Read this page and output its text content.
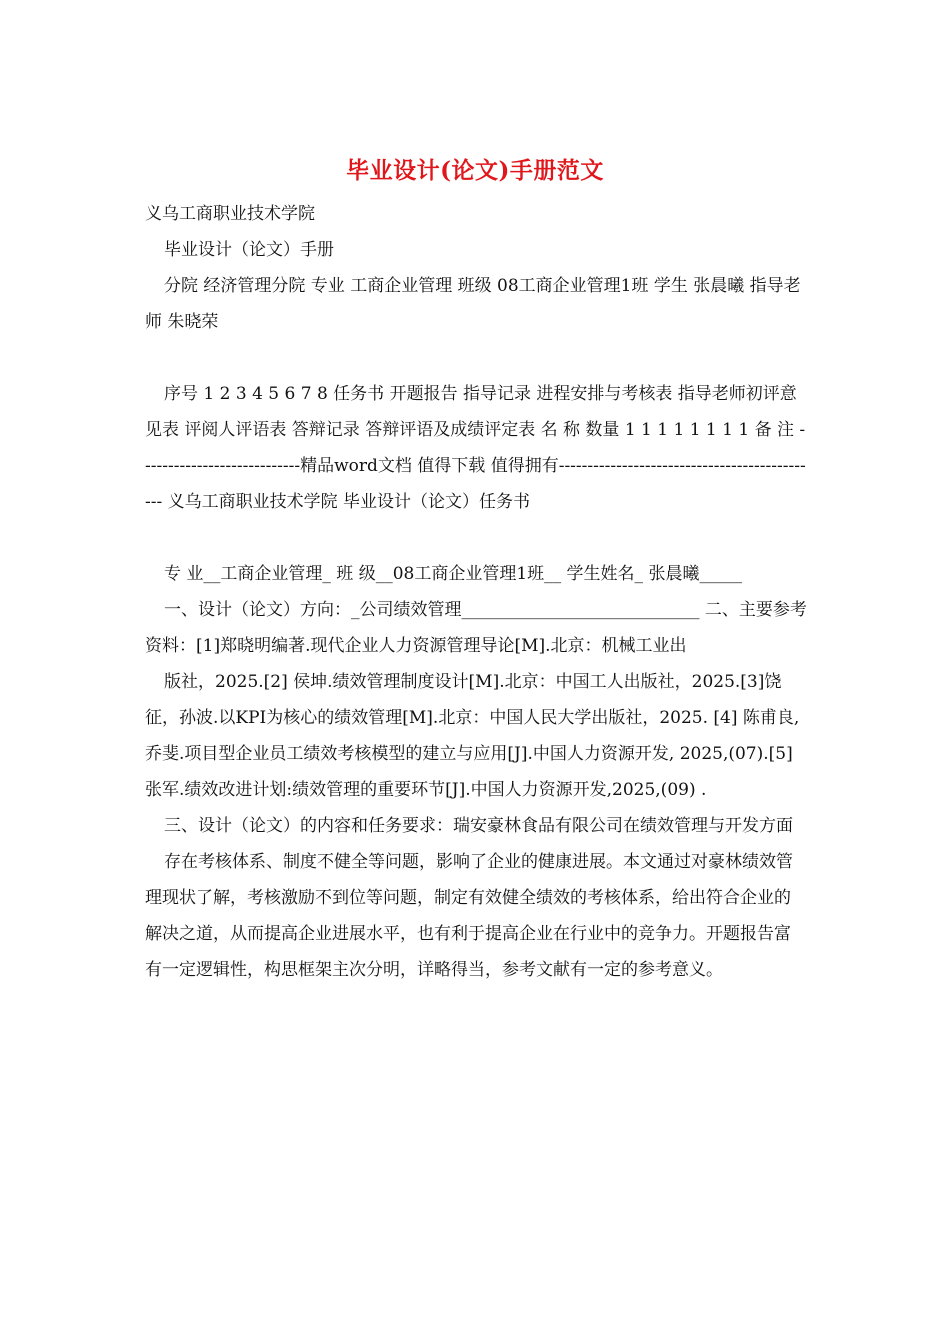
毕业设计(论文)手册范文

义乌工商职业技术学院

毕业设计（论文）手册

分院 经济管理分院 专业 工商企业管理 班级 08工商企业管理1班 学生 张晨曦 指导老师 朱晓荣

序号 1 2 3 4 5 6 7 8 任务书 开题报告 指导记录 进程安排与考核表 指导老师初评意见表 评阅人评语表 答辩记录 答辩评语及成绩评定表 名 称 数量 1 1 1 1 1 1 1 1 备 注 ----------------------------精品word文档 值得下载 值得拥有---------------------------------------------- 义乌工商职业技术学院 毕业设计（论文）任务书

专 业__工商企业管理_ 班 级__08工商企业管理1班__ 学生姓名_ 张晨曦_____

一、设计（论文）方向：_公司绩效管理____________________________ 二、主要参考资料：[1]郑晓明编著.现代企业人力资源管理导论[M].北京：机械工业出

版社，2025.[2] 侯坤.绩效管理制度设计[M].北京：中国工人出版社，2025.[3]饶征，孙波.以KPI为核心的绩效管理[M].北京：中国人民大学出版社，2025. [4] 陈甫良,乔斐.项目型企业员工绩效考核模型的建立与应用[J].中国人力资源开发, 2025,(07).[5] 张军.绩效改进计划:绩效管理的重要环节[J].中国人力资源开发,2025,(09) .

三、设计（论文）的内容和任务要求：瑞安豪林食品有限公司在绩效管理与开发方面

存在考核体系、制度不健全等问题，影响了企业的健康进展。本文通过对豪林绩效管理现状了解，考核激励不到位等问题，制定有效健全绩效的考核体系，给出符合企业的解决之道，从而提高企业进展水平，也有利于提高企业在行业中的竞争力。开题报告富有一定逻辑性，构思框架主次分明，详略得当，参考文献有一定的参考意义。
